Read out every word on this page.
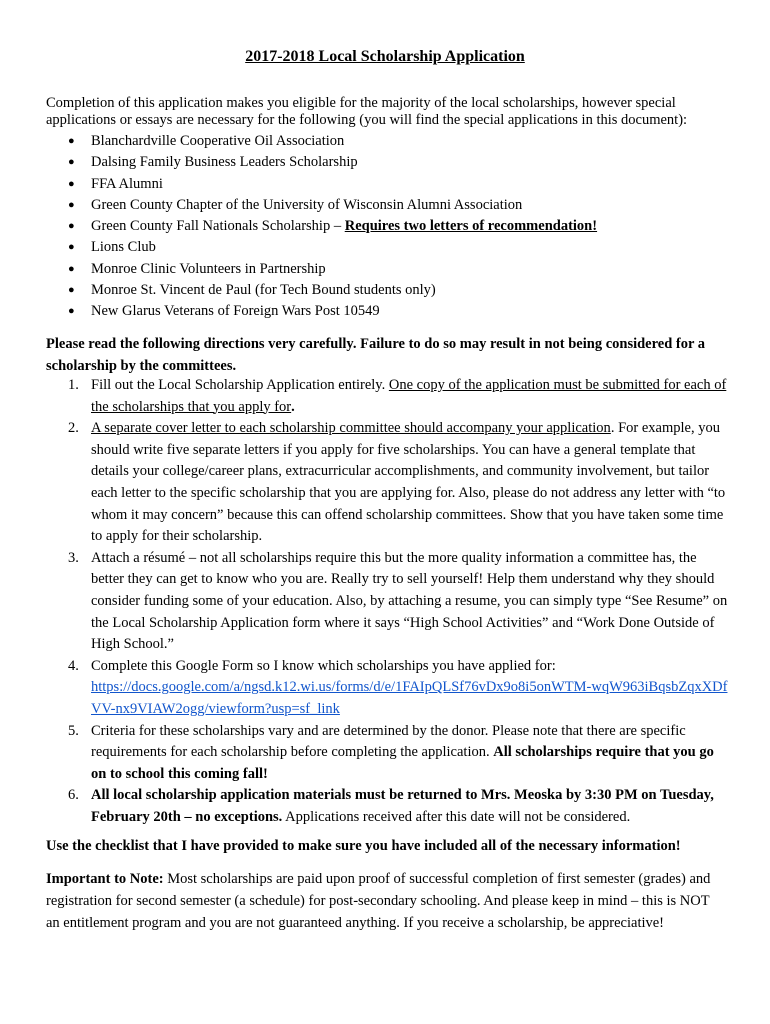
2017-2018 Local Scholarship Application

Completion of this application makes you eligible for the majority of the local scholarships, however special applications or essays are necessary for the following (you will find the special applications in this document):

● Blanchardville Cooperative Oil Association
● Dalsing Family Business Leaders Scholarship
● FFA Alumni
● Green County Chapter of the University of Wisconsin Alumni Association
● Green County Fall Nationals Scholarship – Requires two letters of recommendation!
● Lions Club
● Monroe Clinic Volunteers in Partnership
● Monroe St. Vincent de Paul (for Tech Bound students only)
● New Glarus Veterans of Foreign Wars Post 10549

Please read the following directions very carefully. Failure to do so may result in not being considered for a scholarship by the committees.

1. Fill out the Local Scholarship Application entirely. One copy of the application must be submitted for each of the scholarships that you apply for.
2. A separate cover letter to each scholarship committee should accompany your application. For example, you should write five separate letters if you apply for five scholarships. You can have a general template that details your college/career plans, extracurricular accomplishments, and community involvement, but tailor each letter to the specific scholarship that you are applying for. Also, please do not address any letter with “to whom it may concern” because this can offend scholarship committees. Show that you have taken some time to apply for their scholarship.
3. Attach a résumé – not all scholarships require this but the more quality information a committee has, the better they can get to know who you are. Really try to sell yourself! Help them understand why they should consider funding some of your education. Also, by attaching a resume, you can simply type “See Resume” on the Local Scholarship Application form where it says “High School Activities” and “Work Done Outside of High School.”
4. Complete this Google Form so I know which scholarships you have applied for:
https://docs.google.com/a/ngsd.k12.wi.us/forms/d/e/1FAIpQLSf76vDx9o8i5onWTM-wqW963iBqsbZqxXDfVV-nx9VIAW2ogg/viewform?usp=sf_link
5. Criteria for these scholarships vary and are determined by the donor. Please note that there are specific requirements for each scholarship before completing the application. All scholarships require that you go on to school this coming fall!
6. All local scholarship application materials must be returned to Mrs. Meoska by 3:30 PM on Tuesday, February 20th – no exceptions. Applications received after this date will not be considered.

Use the checklist that I have provided to make sure you have included all of the necessary information!

Important to Note: Most scholarships are paid upon proof of successful completion of first semester (grades) and registration for second semester (a schedule) for post-secondary schooling. And please keep in mind – this is NOT an entitlement program and you are not guaranteed anything. If you receive a scholarship, be appreciative!
